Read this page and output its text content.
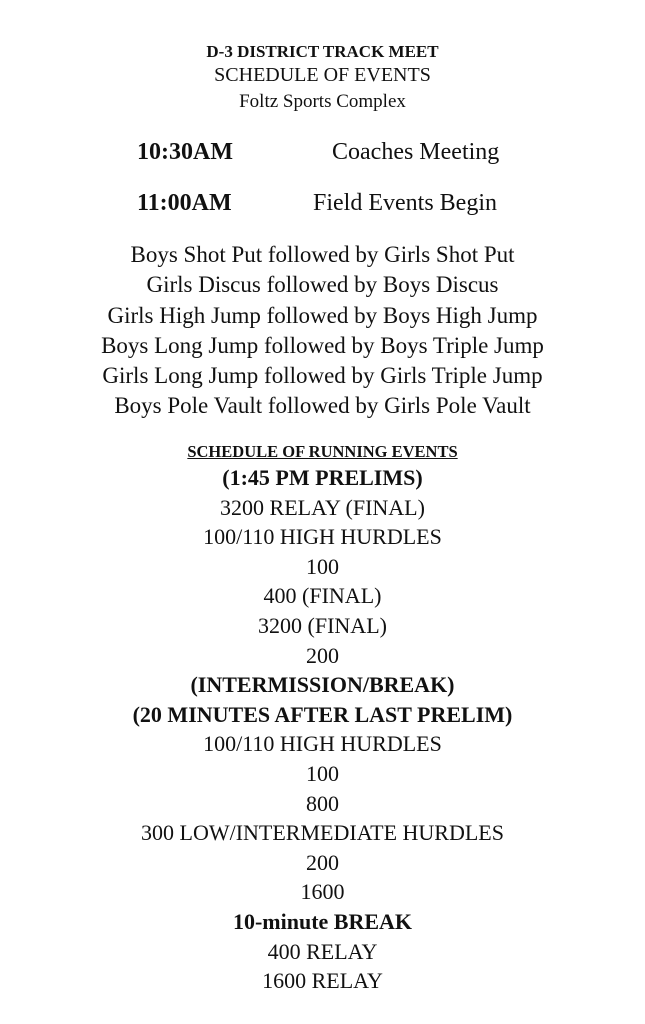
D-3 DISTRICT TRACK MEET
SCHEDULE OF EVENTS
Foltz Sports Complex
10:30AM	Coaches Meeting
11:00AM	Field Events Begin
Boys Shot Put followed by Girls Shot Put
Girls Discus followed by Boys Discus
Girls High Jump followed by Boys High Jump
Boys Long Jump followed by Boys Triple Jump
Girls Long Jump followed by Girls Triple Jump
Boys Pole Vault followed by Girls Pole Vault
SCHEDULE OF RUNNING EVENTS
(1:45 PM PRELIMS)
3200 RELAY (FINAL)
100/110 HIGH HURDLES
100
400 (FINAL)
3200 (FINAL)
200
(INTERMISSION/BREAK)
(20 MINUTES AFTER LAST PRELIM)
100/110 HIGH HURDLES
100
800
300 LOW/INTERMEDIATE HURDLES
200
1600
10-minute BREAK
400 RELAY
1600 RELAY
